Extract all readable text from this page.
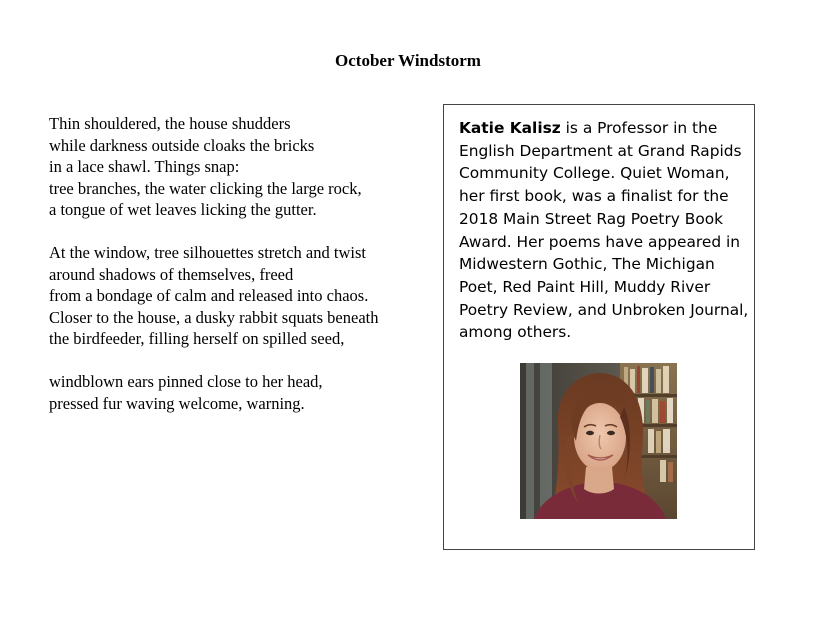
October Windstorm
Thin shouldered, the house shudders
while darkness outside cloaks the bricks
in a lace shawl. Things snap:
tree branches, the water clicking the large rock,
a tongue of wet leaves licking the gutter.
At the window, tree silhouettes stretch and twist
around shadows of themselves, freed
from a bondage of calm and released into chaos.
Closer to the house, a dusky rabbit squats beneath
the birdfeeder, filling herself on spilled seed,
windblown ears pinned close to her head,
pressed fur waving welcome, warning.
Katie Kalisz is a Professor in the
English Department at Grand Rapids
Community College. Quiet Woman,
her first book, was a finalist for the
2018 Main Street Rag Poetry Book
Award. Her poems have appeared in
Midwestern Gothic, The Michigan
Poet, Red Paint Hill, Muddy River
Poetry Review, and Unbroken Journal,
among others.
